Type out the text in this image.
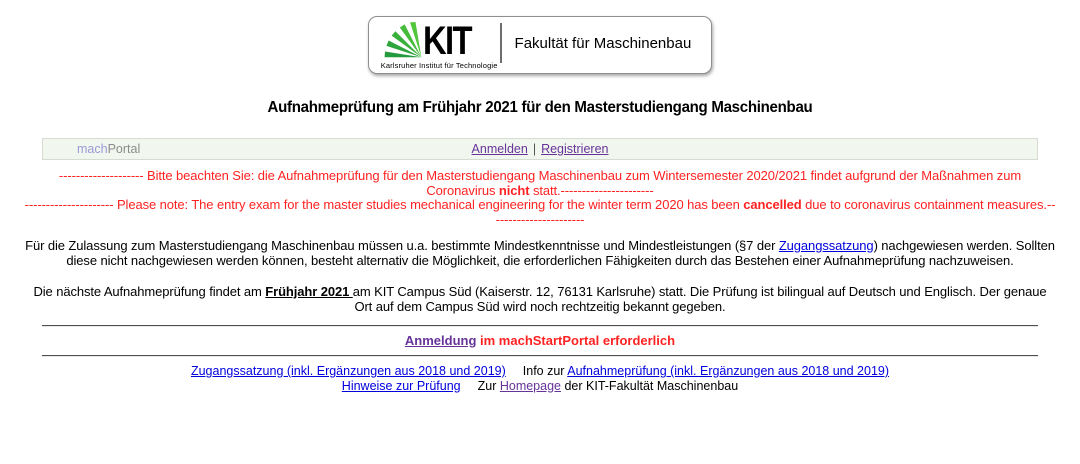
KIT
Karlsruher Institut für Technologie
Fakultät für Maschinenbau
Aufnahmeprüfung am Frühjahr 2021 für den Masterstudiengang Maschinenbau
machPortal	Anmelden | Registrieren
-------------------- Bitte beachten Sie: die Aufnahmeprüfung für den Masterstudiengang Maschinenbau zum Wintersemester 2020/2021 findet aufgrund der Maßnahmen zum Coronavirus nicht statt.----------------------
--------------------- Please note: The entry exam for the master studies mechanical engineering for the winter term 2020 has been cancelled due to coronavirus containment measures.-----------------------

Für die Zulassung zum Masterstudiengang Maschinenbau müssen u.a. bestimmte Mindestkenntnisse und Mindestleistungen (§7 der Zugangssatzung) nachgewiesen werden. Sollten diese nicht nachgewiesen werden können, besteht alternativ die Möglichkeit, die erforderlichen Fähigkeiten durch das Bestehen einer Aufnahmeprüfung nachzuweisen.

Die nächste Aufnahmeprüfung findet am Frühjahr 2021 am KIT Campus Süd (Kaiserstr. 12, 76131 Karlsruhe) statt. Die Prüfung ist bilingual auf Deutsch und Englisch. Der genaue Ort auf dem Campus Süd wird noch rechtzeitig bekannt gegeben.

Anmeldung im machStartPortal erforderlich
Zugangssatzung (inkl. Ergänzungen aus 2018 und 2019) Info zur Aufnahmeprüfung (inkl. Ergänzungen aus 2018 und 2019)
Hinweise zur Prüfung Zur Homepage der KIT-Fakultät Maschinenbau
